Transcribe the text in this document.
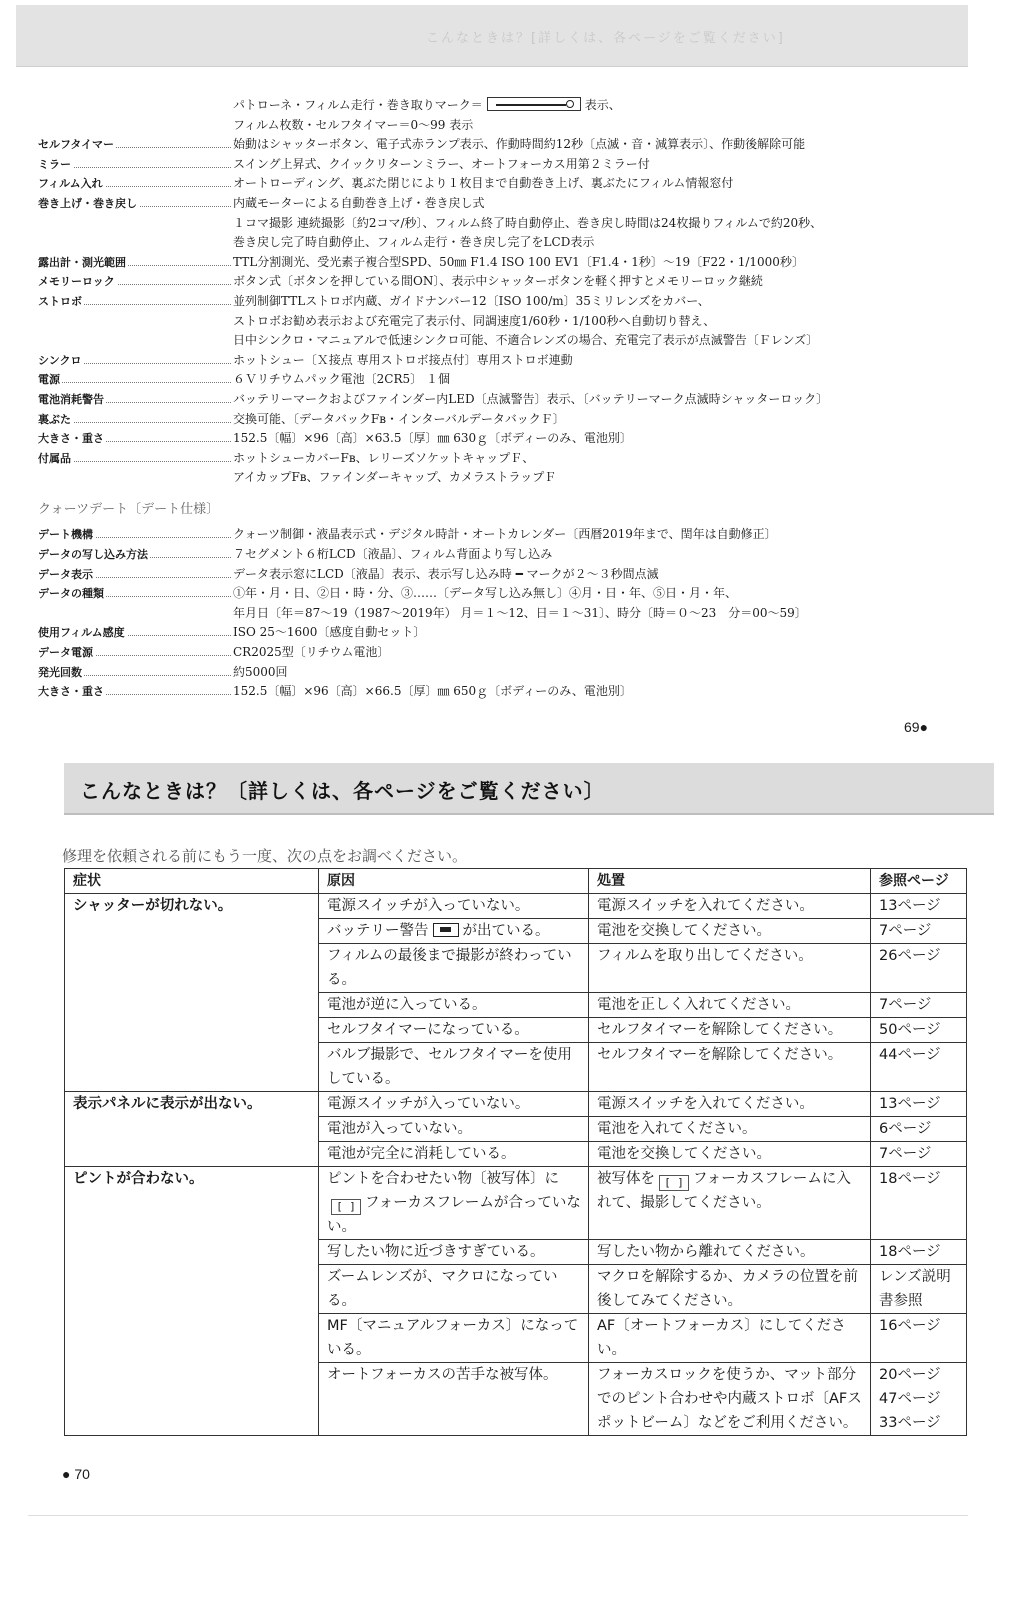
こんなときは？[詳しくは、各ページをご覧ください]
パトローネ・フィルム走行・巻き取りマーク＝	表示、
フィルム枚数・セルフタイマー＝0〜99 表示
セルフタイマー	始動はシャッターボタン、電子式赤ランプ表示、作動時間約12秒〔点滅・音・減算表示〕、作動後解除可能
ミラー	スイング上昇式、クイックリターンミラー、オートフォーカス用第２ミラー付
フィルム入れ	オートローディング、裏ぶた閉じにより１枚目まで自動巻き上げ、裏ぶたにフィルム情報窓付
巻き上げ・巻き戻し	内蔵モーターによる自動巻き上げ・巻き戻し式
１コマ撮影 連続撮影〔約2コマ/秒〕、フィルム終了時自動停止、巻き戻し時間は24枚撮りフィルムで約20秒、
巻き戻し完了時自動停止、フィルム走行・巻き戻し完了をLCD表示
露出計・測光範囲	TTL分割測光、受光素子複合型SPD、50㎜ F1.4 ISO 100 EV1〔F1.4・1秒〕〜19〔F22・1/1000秒〕
メモリーロック	ボタン式〔ボタンを押している間ON〕、表示中シャッターボタンを軽く押すとメモリーロック継続
ストロボ	並列制御TTLストロボ内蔵、ガイドナンバー12〔ISO 100/m〕35ミリレンズをカバー、
ストロボお勧め表示および充電完了表示付、同調速度1/60秒・1/100秒へ自動切り替え、
日中シンクロ・マニュアルで低速シンクロ可能、不適合レンズの場合、充電完了表示が点滅警告〔Ｆレンズ〕
シンクロ	ホットシュー〔Ｘ接点 専用ストロボ接点付〕専用ストロボ連動
電源	６Ｖリチウムパック電池〔2CR5〕 １個
電池消耗警告	バッテリーマークおよびファインダー内LED〔点滅警告〕表示、〔バッテリーマーク点滅時シャッターロック〕
裏ぶた	交換可能、〔データバックFʙ・インターバルデータバックＦ〕
大きさ・重さ	152.5〔幅〕×96〔高〕×63.5〔厚〕㎜ 630ｇ〔ボディーのみ、電池別〕
付属品	ホットシューカバーFʙ、レリーズソケットキャップＦ、
アイカップFʙ、ファインダーキャップ、カメラストラップＦ
クォーツデート〔デート仕様〕
デート機構	クォーツ制御・液晶表示式・デジタル時計・オートカレンダー〔西暦2019年まで、閏年は自動修正〕
データの写し込み方法	７セグメント６桁LCD〔液晶〕、フィルム背面より写し込み
データ表示	データ表示窓にLCD〔液晶〕表示、表示写し込み時 ━ マークが２〜３秒間点滅
データの種類	①年・月・日、②日・時・分、③……〔データ写し込み無し〕④月・日・年、⑤日・月・年、
年月日〔年＝87〜19（1987〜2019年） 月＝１〜12、日＝１〜31〕、時分〔時＝０〜23　分＝00〜59〕
使用フィルム感度	ISO 25〜1600〔感度自動セット〕
データ電源	CR2025型〔リチウム電池〕
発光回数	約5000回
大きさ・重さ	152.5〔幅〕×96〔高〕×66.5〔厚〕㎜ 650ｇ〔ボディーのみ、電池別〕
69●
こんなときは？〔詳しくは、各ページをご覧ください〕
修理を依頼される前にもう一度、次の点をお調べください。
症状	原因	処置	参照ページ
シャッターが切れない。	電源スイッチが入っていない。	電源スイッチを入れてください。	13ページ
	バッテリー警告 が出ている。	電池を交換してください。	7ページ
	フィルムの最後まで撮影が終わっている。	フィルムを取り出してください。	26ページ
	電池が逆に入っている。	電池を正しく入れてください。	7ページ
	セルフタイマーになっている。	セルフタイマーを解除してください。	50ページ
	バルブ撮影で、セルフタイマーを使用している。	セルフタイマーを解除してください。	44ページ
表示パネルに表示が出ない。	電源スイッチが入っていない。	電源スイッチを入れてください。	13ページ
	電池が入っていない。	電池を入れてください。	6ページ
	電池が完全に消耗している。	電池を交換してください。	7ページ
ピントが合わない。	ピントを合わせたい物〔被写体〕に[ ] フォーカスフレームが合っていない。	被写体を [ ] フォーカスフレームに入れて、撮影してください。	18ページ
	写したい物に近づきすぎている。	写したい物から離れてください。	18ページ
	ズームレンズが、マクロになっている。	マクロを解除するか、カメラの位置を前後してみてください。	レンズ説明書参照
	MF〔マニュアルフォーカス〕になっている。	AF〔オートフォーカス〕にしてください。	16ページ
	オートフォーカスの苦手な被写体。	フォーカスロックを使うか、マット部分でのピント合わせや内蔵ストロボ〔AFスポットビーム〕などをご利用ください。	20ページ
47ページ
33ページ
● 70
